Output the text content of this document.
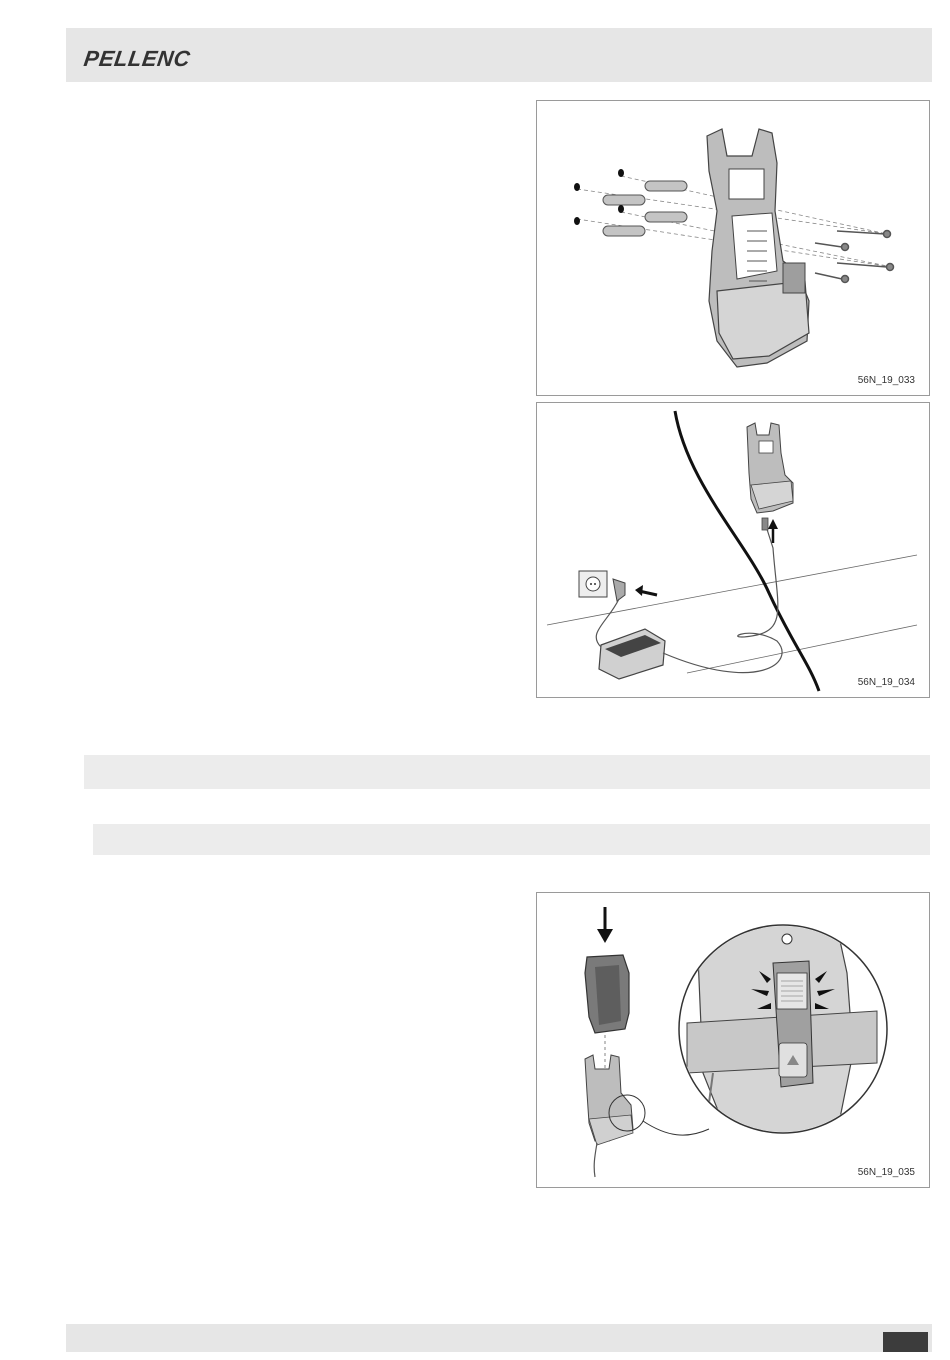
PELLENC
56N_19_033
56N_19_034
56N_19_035
